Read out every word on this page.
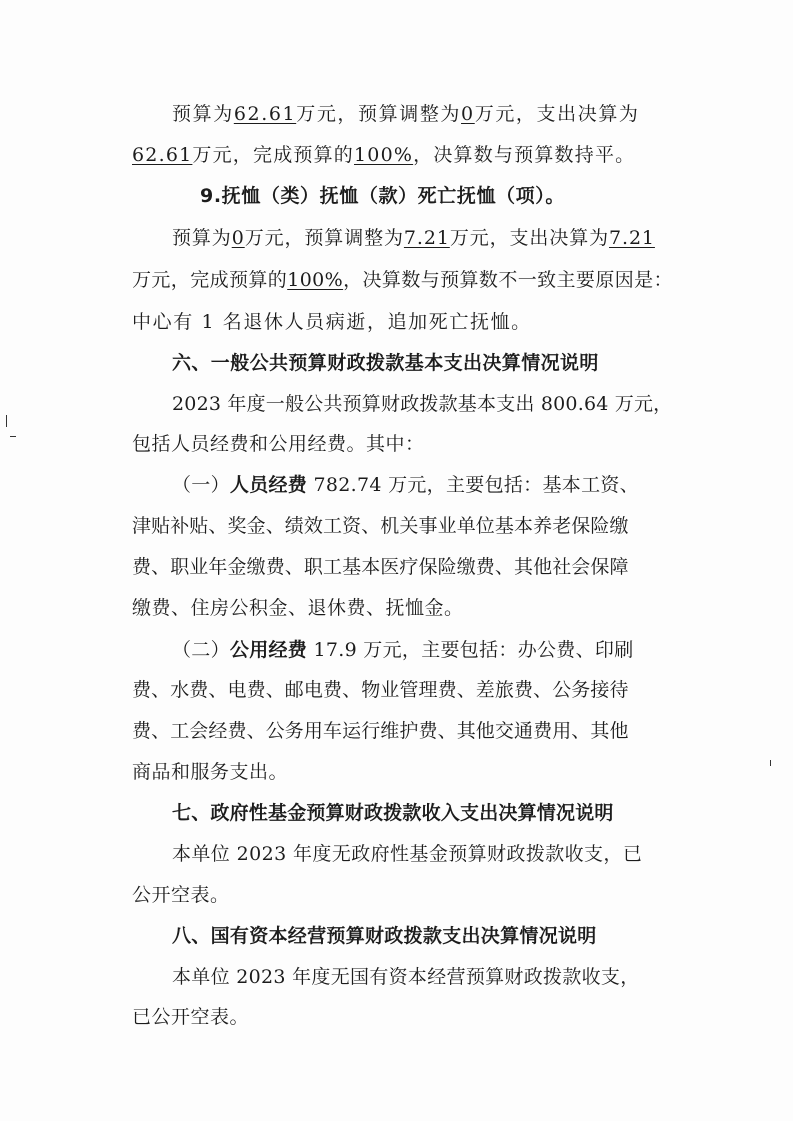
预算为62.61万元，预算调整为0万元，支出决算为
62.61万元，完成预算的100%，决算数与预算数持平。
9.抚恤（类）抚恤（款）死亡抚恤（项）。
预算为0万元，预算调整为7.21万元，支出决算为7.21
万元，完成预算的100%，决算数与预算数不一致主要原因是：
中心有 1 名退休人员病逝，追加死亡抚恤。
六、一般公共预算财政拨款基本支出决算情况说明
2023 年度一般公共预算财政拨款基本支出 800.64 万元，
包括人员经费和公用经费。其中：
（一）人员经费 782.74 万元，主要包括：基本工资、
津贴补贴、奖金、绩效工资、机关事业单位基本养老保险缴
费、职业年金缴费、职工基本医疗保险缴费、其他社会保障
缴费、住房公积金、退休费、抚恤金。
（二）公用经费 17.9 万元，主要包括：办公费、印刷
费、水费、电费、邮电费、物业管理费、差旅费、公务接待
费、工会经费、公务用车运行维护费、其他交通费用、其他
商品和服务支出。
七、政府性基金预算财政拨款收入支出决算情况说明
本单位 2023 年度无政府性基金预算财政拨款收支，已
公开空表。
八、国有资本经营预算财政拨款支出决算情况说明
本单位 2023 年度无国有资本经营预算财政拨款收支，
已公开空表。
